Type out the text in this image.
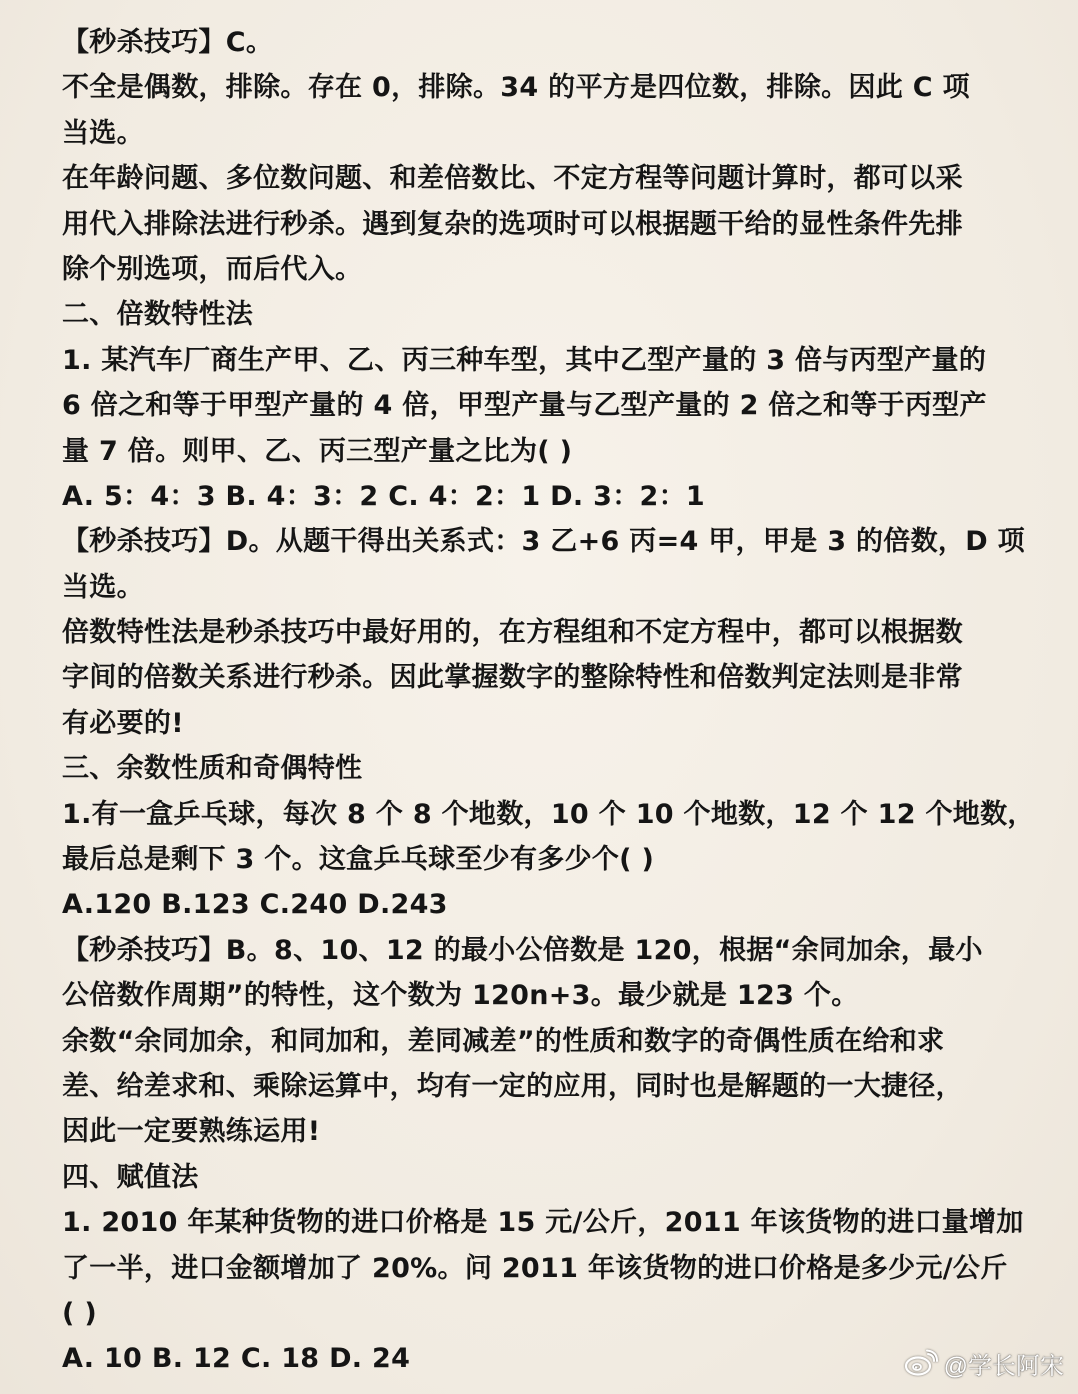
【秒杀技巧】C。
不全是偶数，排除。存在 0，排除。34 的平方是四位数，排除。因此 C 项
当选。
在年龄问题、多位数问题、和差倍数比、不定方程等问题计算时，都可以采
用代入排除法进行秒杀。遇到复杂的选项时可以根据题干给的显性条件先排
除个别选项，而后代入。
二、倍数特性法
1. 某汽车厂商生产甲、乙、丙三种车型，其中乙型产量的 3 倍与丙型产量的
6 倍之和等于甲型产量的 4 倍，甲型产量与乙型产量的 2 倍之和等于丙型产
量 7 倍。则甲、乙、丙三型产量之比为( )
A. 5：4：3 B. 4：3：2 C. 4：2：1 D. 3：2：1
【秒杀技巧】D。从题干得出关系式：3 乙+6 丙=4 甲，甲是 3 的倍数，D 项
当选。
倍数特性法是秒杀技巧中最好用的，在方程组和不定方程中，都可以根据数
字间的倍数关系进行秒杀。因此掌握数字的整除特性和倍数判定法则是非常
有必要的!
三、余数性质和奇偶特性
1.有一盒乒乓球，每次 8 个 8 个地数，10 个 10 个地数，12 个 12 个地数，
最后总是剩下 3 个。这盒乒乓球至少有多少个( )
A.120 B.123 C.240 D.243
【秒杀技巧】B。8、10、12 的最小公倍数是 120，根据“余同加余，最小
公倍数作周期”的特性，这个数为 120n+3。最少就是 123 个。
余数“余同加余，和同加和，差同减差”的性质和数字的奇偶性质在给和求
差、给差求和、乘除运算中，均有一定的应用，同时也是解题的一大捷径，
因此一定要熟练运用!
四、赋值法
1. 2010 年某种货物的进口价格是 15 元/公斤，2011 年该货物的进口量增加
了一半，进口金额增加了 20%。问 2011 年该货物的进口价格是多少元/公斤
( )
A. 10 B. 12 C. 18 D. 24	@学长阿宋
